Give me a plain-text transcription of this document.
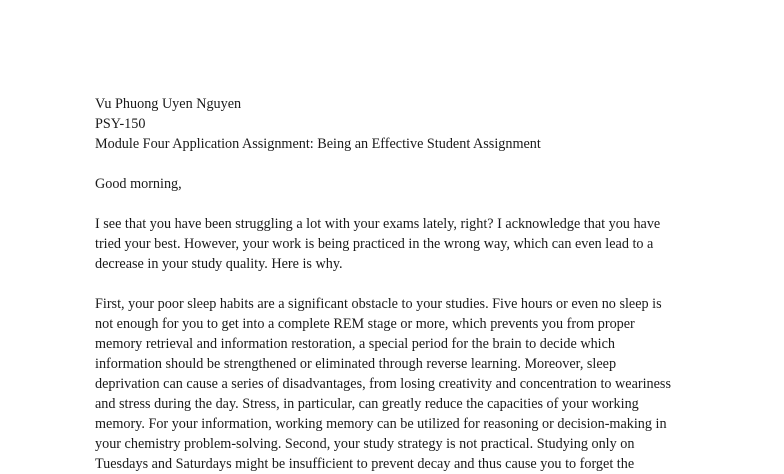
Vu Phuong Uyen Nguyen
PSY-150
Module Four Application Assignment: Being an Effective Student Assignment
Good morning,
I see that you have been struggling a lot with your exams lately, right? I acknowledge that you have
tried your best. However, your work is being practiced in the wrong way, which can even lead to a
decrease in your study quality. Here is why.
First, your poor sleep habits are a significant obstacle to your studies. Five hours or even no sleep is
not enough for you to get into a complete REM stage or more, which prevents you from proper
memory retrieval and information restoration, a special period for the brain to decide which
information should be strengthened or eliminated through reverse learning. Moreover, sleep
deprivation can cause a series of disadvantages, from losing creativity and concentration to weariness
and stress during the day. Stress, in particular, can greatly reduce the capacities of your working
memory. For your information, working memory can be utilized for reasoning or decision-making in
your chemistry problem-solving. Second, your study strategy is not practical. Studying only on
Tuesdays and Saturdays might be insufficient to prevent decay and thus cause you to forget the
